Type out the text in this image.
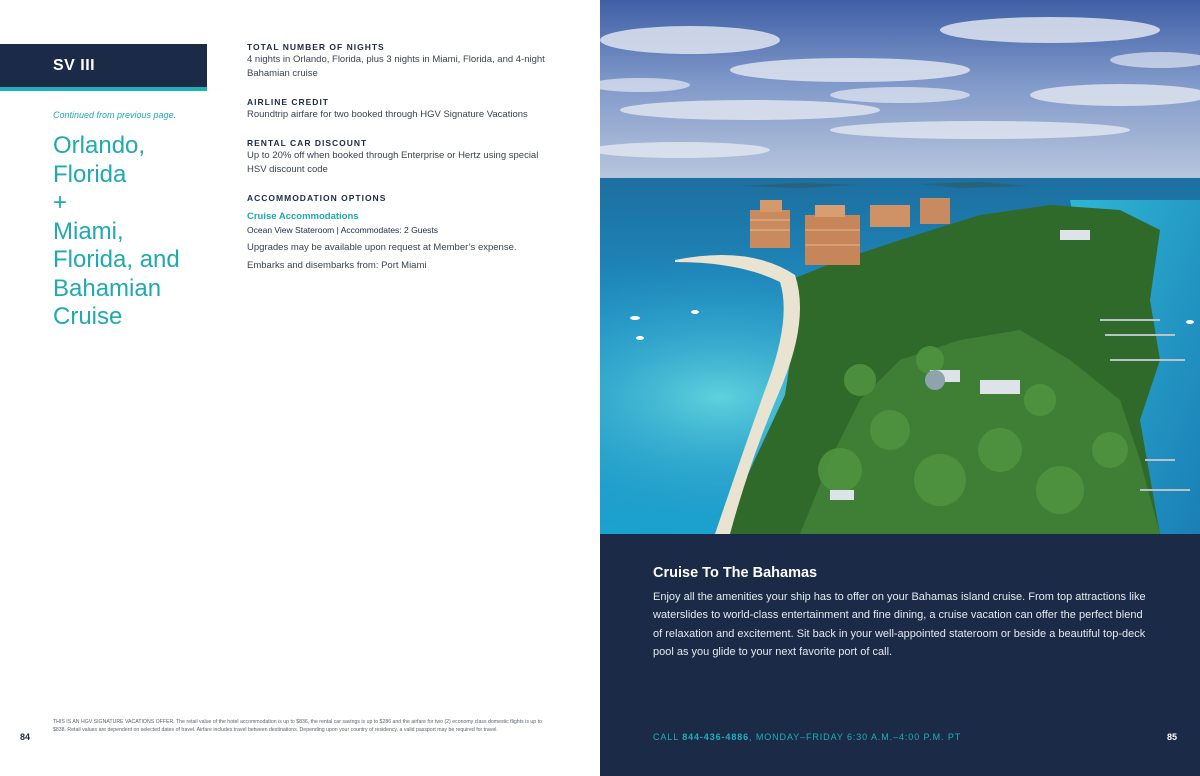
SV III
Continued from previous page.
Orlando,
Florida
+
Miami,
Florida, and
Bahamian
Cruise
TOTAL NUMBER OF NIGHTS
4 nights in Orlando, Florida, plus 3 nights in Miami, Florida, and 4-night Bahamian cruise
AIRLINE CREDIT
Roundtrip airfare for two booked through HGV Signature Vacations
RENTAL CAR DISCOUNT
Up to 20% off when booked through Enterprise or Hertz using special HSV discount code
ACCOMMODATION OPTIONS
Cruise Accommodations
Ocean View Stateroom | Accommodates: 2 Guests
Upgrades may be available upon request at Member’s expense.
Embarks and disembarks from: Port Miami
THIS IS AN HGV SIGNATURE VACATIONS OFFER. The retail value of the hotel accommodation is up to $836, the rental car savings is up to $286 and the airfare for two (2) economy class domestic flights is up to $838. Retail values are dependent on selected dates of travel. Airfare includes travel between destinations. Depending upon your country of residency, a valid passport may be required for travel.
84
Cruise To The Bahamas
Enjoy all the amenities your ship has to offer on your Bahamas island cruise. From top attractions like waterslides to world-class entertainment and fine dining, a cruise vacation can offer the perfect blend of relaxation and excitement. Sit back in your well-appointed stateroom or beside a beautiful top-deck pool as you glide to your next favorite port of call.
CALL 844-436-4886, MONDAY–FRIDAY 6:30 A.M.–4:00 P.M. PT	85
